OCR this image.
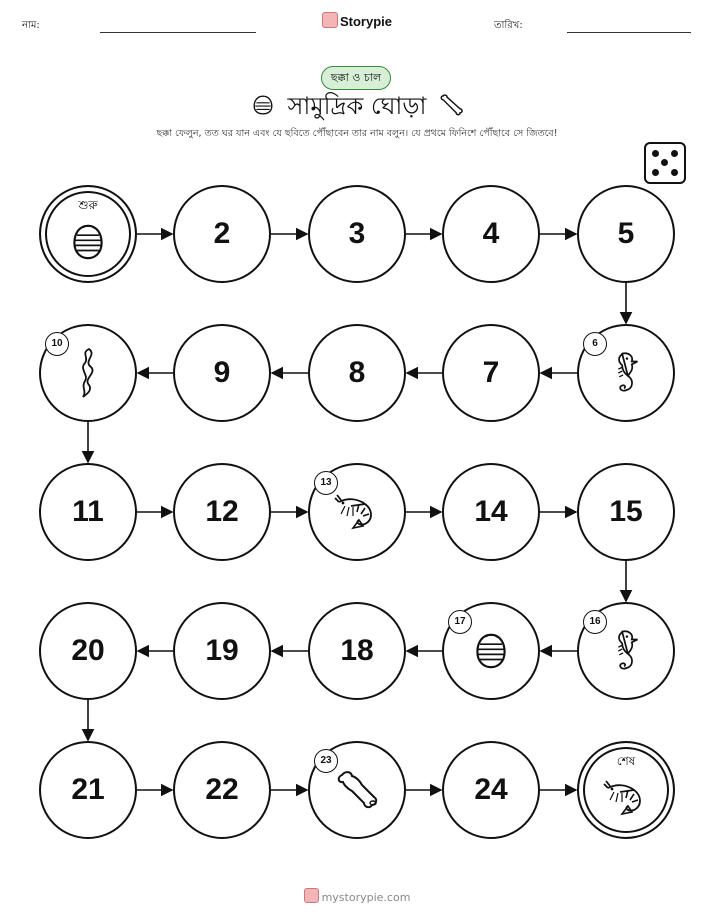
নাম:	Storypie	তারিখ:
ছক্কা ও চাল
সামুদ্রিক ঘোড়া
ছক্কা ফেলুন, তত ঘর যান এবং যে ছবিতে পৌঁছাবেন তার নাম বলুন। যে প্রথমে ফিনিশে পৌঁছাবে সে জিতবে!
শুরু
2	3	4	5
6
7
8
9
10
11	12
13
14	15
16
17
18
19
20
21	22
23
24
শেষ
mystorypie.com
